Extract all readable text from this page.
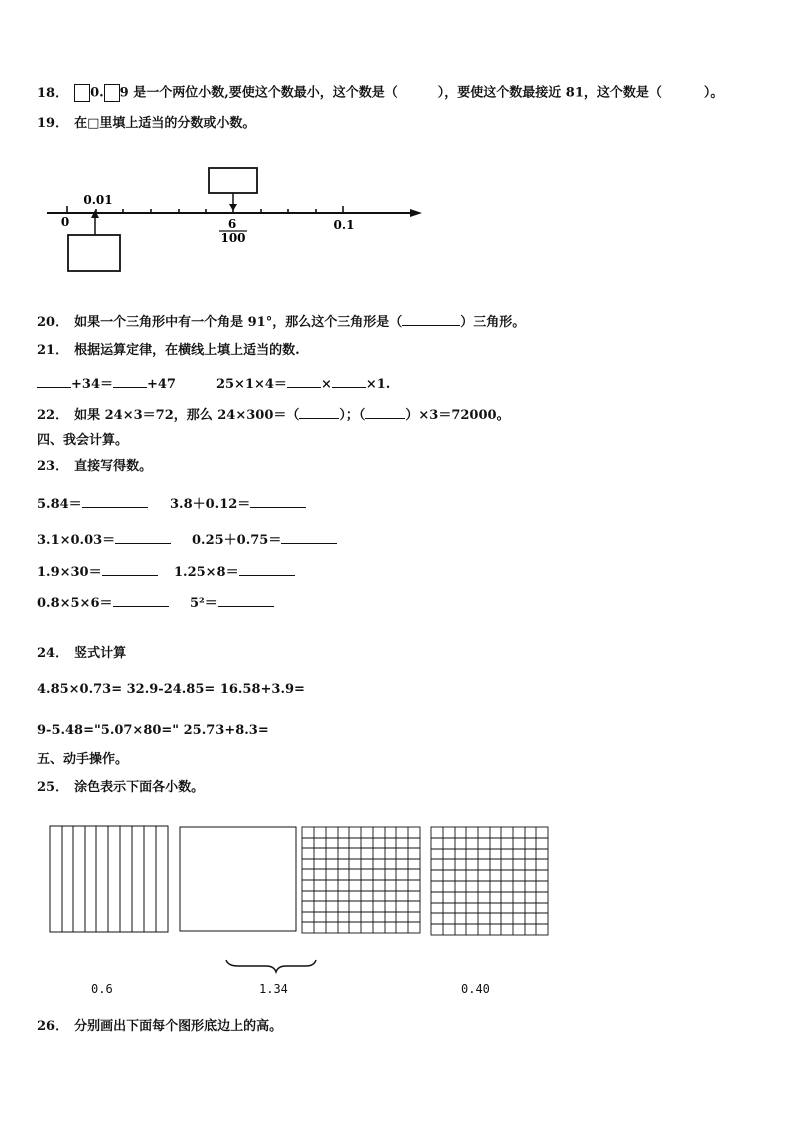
18． 0. 9 是一个两位小数,要使这个数最小，这个数是（	），要使这个数最接近 81，这个数是（	）。
19． 在□里填上适当的分数或小数。
0
0.01
6
100
0.1
20． 如果一个三角形中有一个角是 91°，那么这个三角形是（	）三角形。
21． 根据运算定律，在横线上填上适当的数.
+34＝	+47	25×1×4＝	×	×1.
22． 如果 24×3＝72，那么 24×300＝（	）；（	）×3＝72000。
四、我会计算。
23． 直接写得数。
5.84＝	3.8＋0.12＝
3.1×0.03＝	0.25＋0.75＝
1.9×30＝	1.25×8＝
0.8×5×6＝	5²＝
24． 竖式计算
4.85×0.73= 32.9-24.85= 16.58+3.9=
9-5.48="5.07×80=" 25.73+8.3=
五、动手操作。
25． 涂色表示下面各小数。
0.6	1.34	0.40
26． 分别画出下面每个图形底边上的高。
